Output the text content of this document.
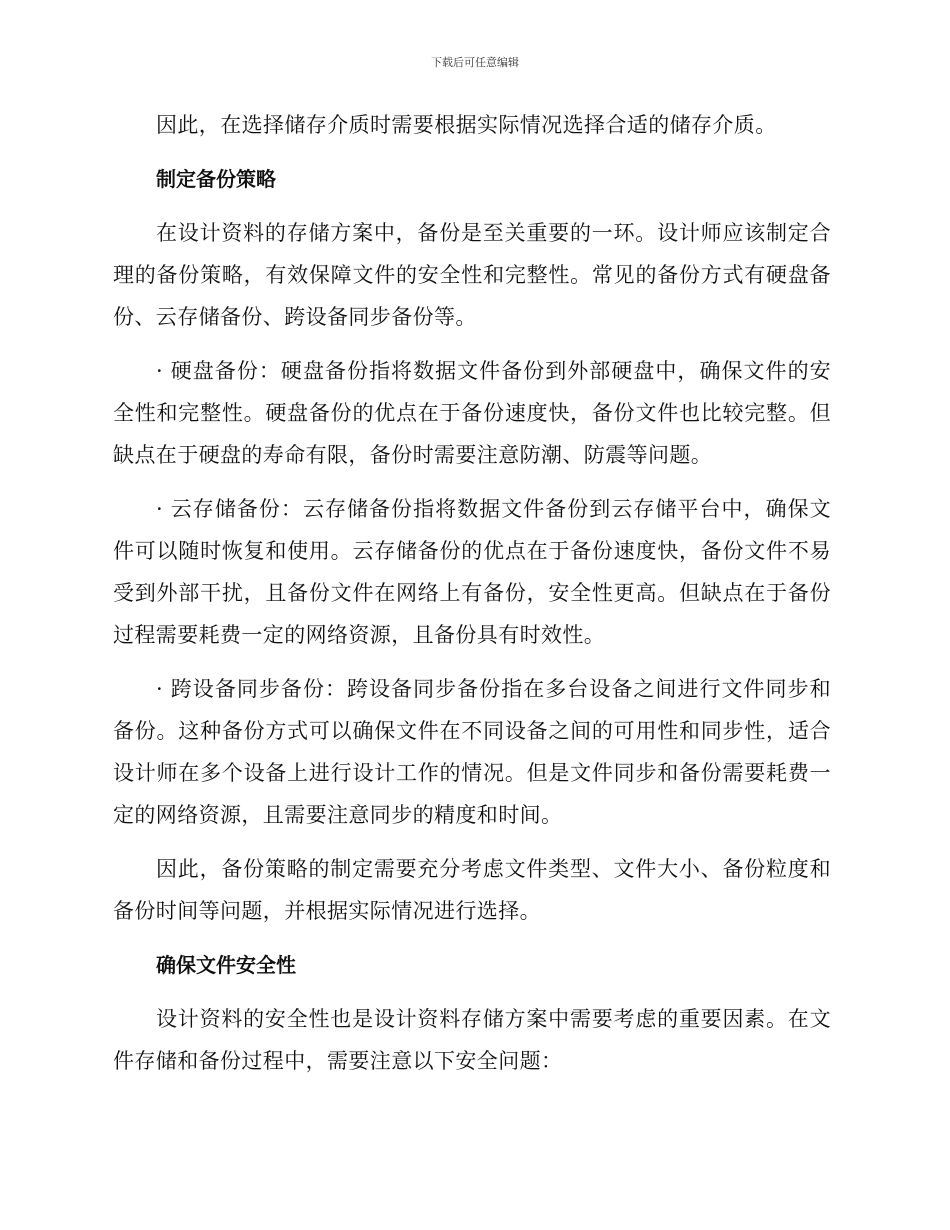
下载后可任意编辑

因此，在选择储存介质时需要根据实际情况选择合适的储存介质。

制定备份策略

在设计资料的存储方案中，备份是至关重要的一环。设计师应该制定合理的备份策略，有效保障文件的安全性和完整性。常见的备份方式有硬盘备份、云存储备份、跨设备同步备份等。

· 硬盘备份：硬盘备份指将数据文件备份到外部硬盘中，确保文件的安全性和完整性。硬盘备份的优点在于备份速度快，备份文件也比较完整。但缺点在于硬盘的寿命有限，备份时需要注意防潮、防震等问题。

· 云存储备份：云存储备份指将数据文件备份到云存储平台中，确保文件可以随时恢复和使用。云存储备份的优点在于备份速度快，备份文件不易受到外部干扰，且备份文件在网络上有备份，安全性更高。但缺点在于备份过程需要耗费一定的网络资源，且备份具有时效性。

· 跨设备同步备份：跨设备同步备份指在多台设备之间进行文件同步和备份。这种备份方式可以确保文件在不同设备之间的可用性和同步性，适合设计师在多个设备上进行设计工作的情况。但是文件同步和备份需要耗费一定的网络资源，且需要注意同步的精度和时间。

因此，备份策略的制定需要充分考虑文件类型、文件大小、备份粒度和备份时间等问题，并根据实际情况进行选择。

确保文件安全性

设计资料的安全性也是设计资料存储方案中需要考虑的重要因素。在文件存储和备份过程中，需要注意以下安全问题：
